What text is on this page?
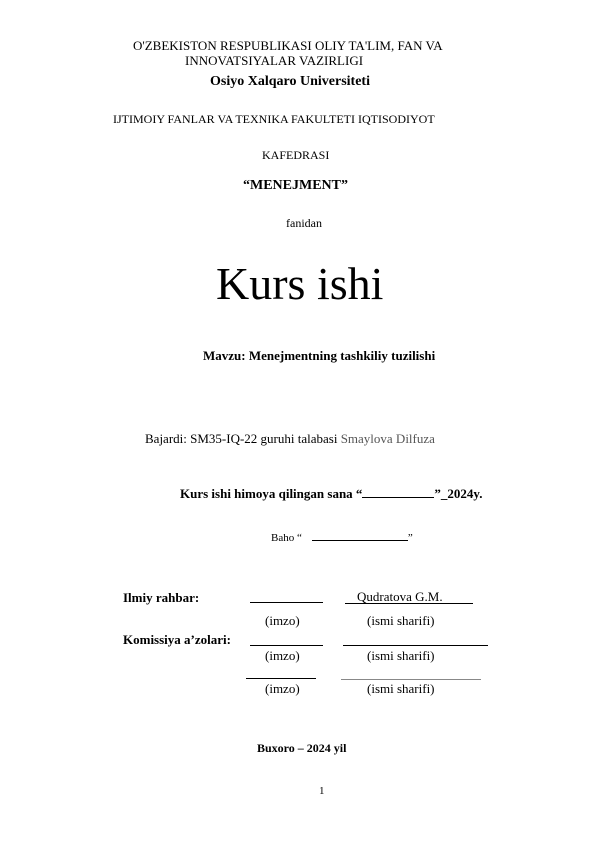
O'ZBEKISTON RESPUBLIKASI OLIY TA'LIM, FAN VA
INNOVATSIYALAR VAZIRLIGI
Osiyo Xalqaro Universiteti
IJTIMOIY FANLAR VA TEXNIKA FAKULTETI IQTISODIYOT
KAFEDRASI
“MENEJMENT”
fanidan
Kurs ishi
Mavzu: Menejmentning tashkiliy tuzilishi
Bajardi: SM35-IQ-22 guruhi talabasi Smaylova Dilfuza
Kurs ishi himoya qilingan sana “	”_2024y.
Baho “	”
Ilmiy rahbar:	Qudratova G.M.
(imzo)	(ismi sharifi)
Komissiya a’zolari:
(imzo)	(ismi sharifi)
(imzo)	(ismi sharifi)
Buxoro – 2024 yil
1
